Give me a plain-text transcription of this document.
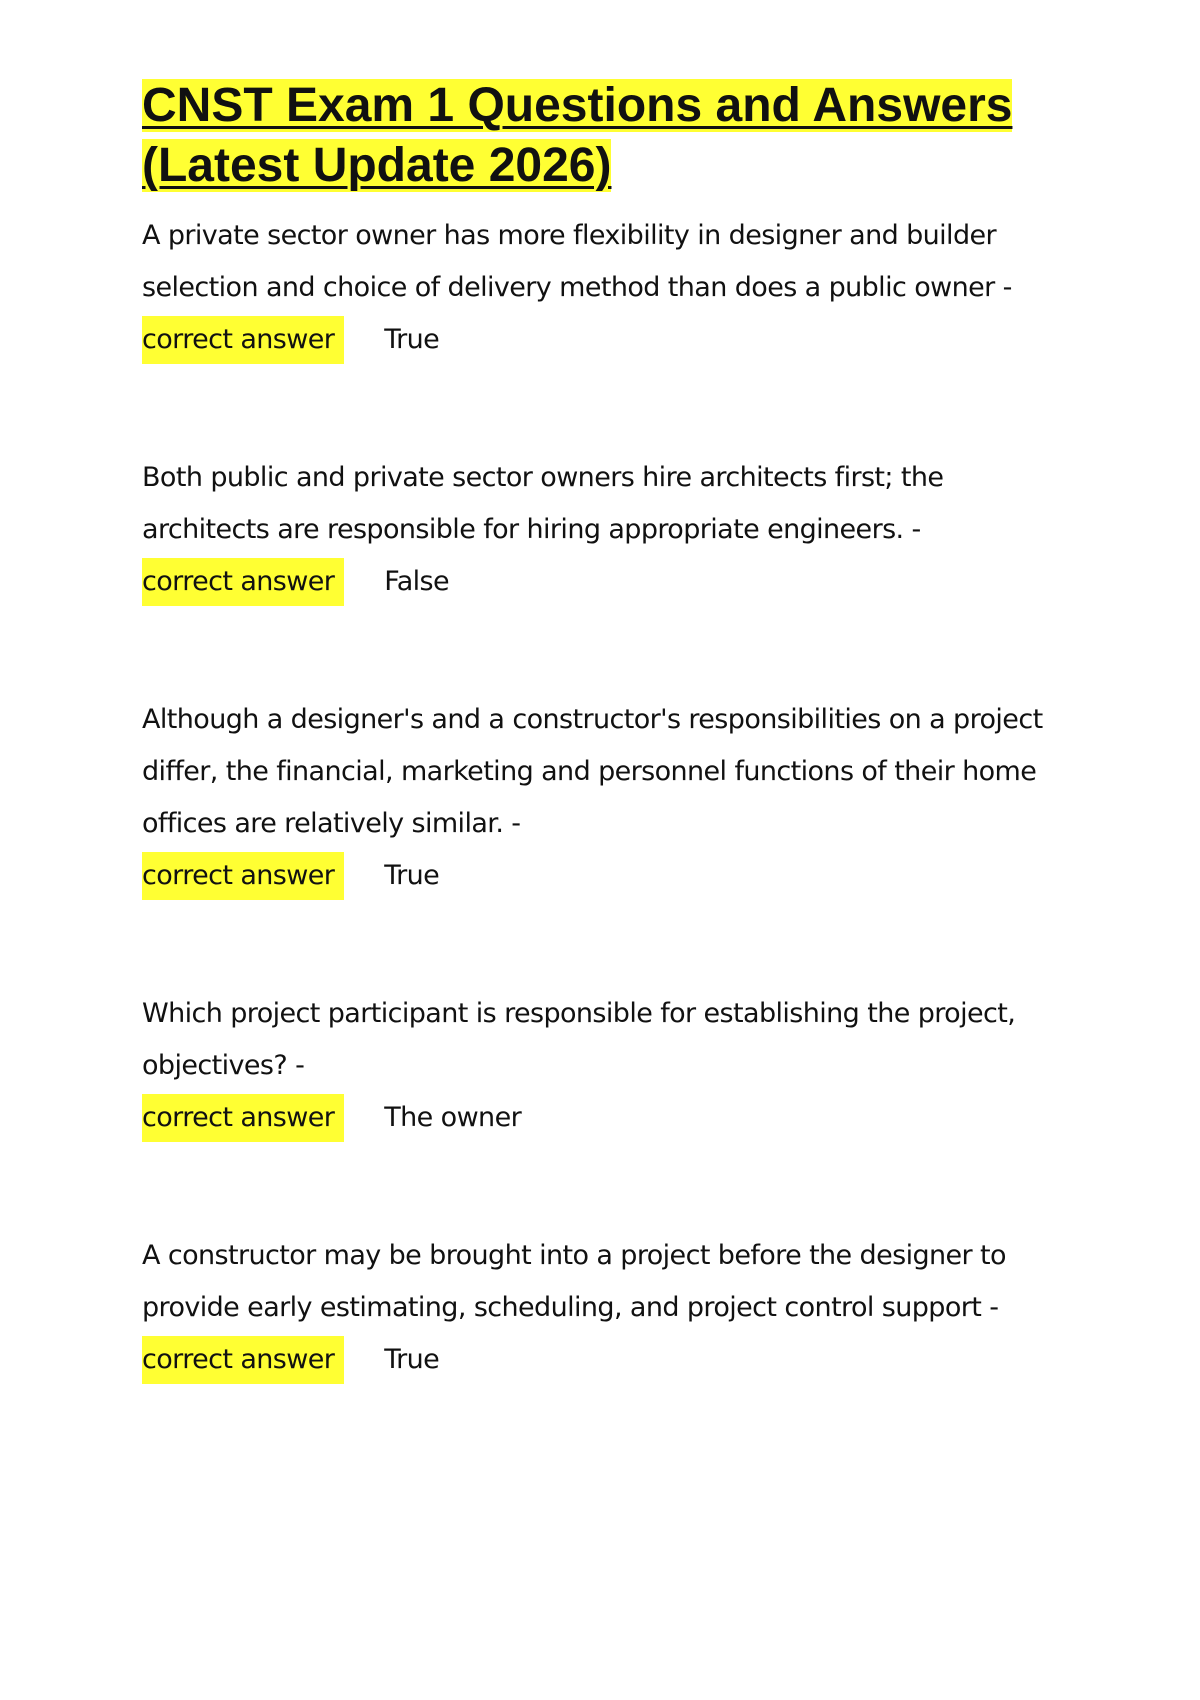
CNST Exam 1 Questions and Answers
(Latest Update 2026)

A private sector owner has more flexibility in designer and builder selection and choice of delivery method than does a public owner -

correct answer	True

Both public and private sector owners hire architects first; the architects are responsible for hiring appropriate engineers. -

correct answer	False

Although a designer's and a constructor's responsibilities on a project differ, the financial, marketing and personnel functions of their home offices are relatively similar. -

correct answer	True

Which project participant is responsible for establishing the project, objectives? -

correct answer	The owner

A constructor may be brought into a project before the designer to provide early estimating, scheduling, and project control support -

correct answer	True
